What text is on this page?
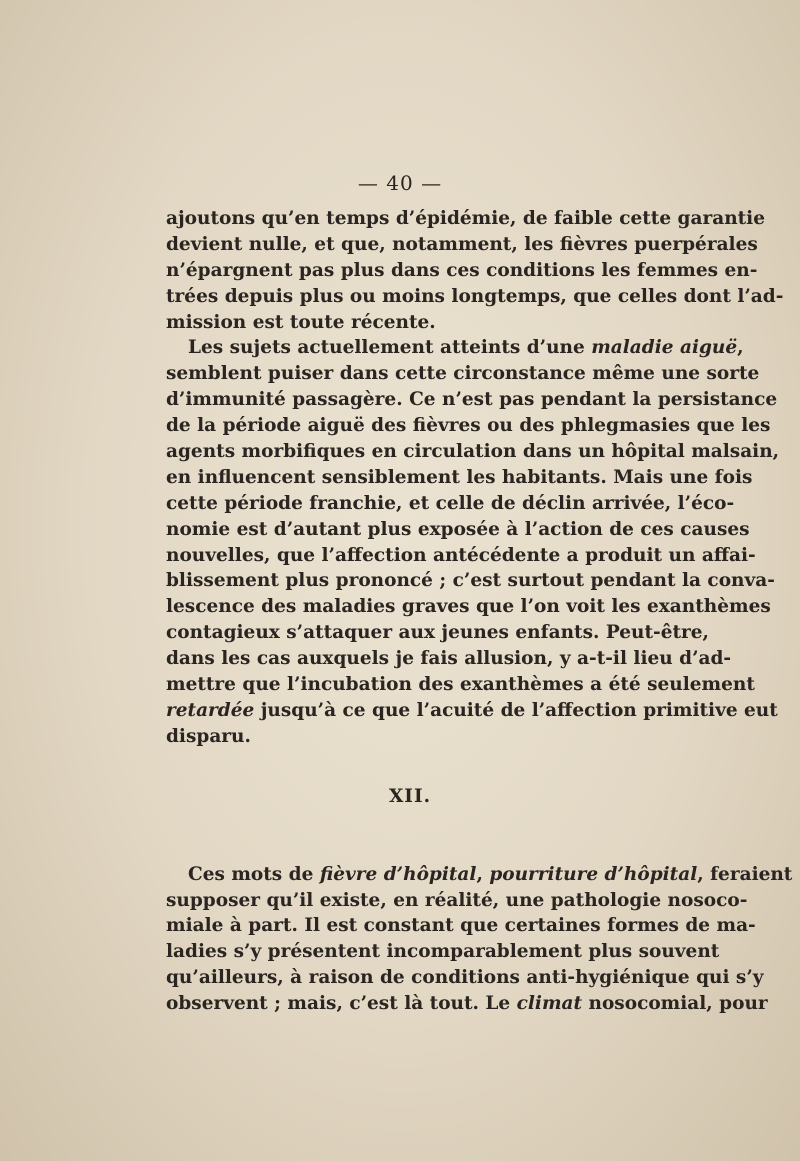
— 40 —
ajoutons qu’en temps d’épidémie, de faible cette garantie
devient nulle, et que, notamment, les fièvres puerpérales
n’épargnent pas plus dans ces conditions les femmes en-
trées depuis plus ou moins longtemps, que celles dont l’ad-
mission est toute récente.
Les sujets actuellement atteints d’une maladie aiguë,
semblent puiser dans cette circonstance même une sorte
d’immunité passagère. Ce n’est pas pendant la persistance
de la période aiguë des fièvres ou des phlegmasies que les
agents morbifiques en circulation dans un hôpital malsain,
en influencent sensiblement les habitants. Mais une fois
cette période franchie, et celle de déclin arrivée, l’éco-
nomie est d’autant plus exposée à l’action de ces causes
nouvelles, que l’affection antécédente a produit un affai-
blissement plus prononcé ; c’est surtout pendant la conva-
lescence des maladies graves que l’on voit les exanthèmes
contagieux s’attaquer aux jeunes enfants. Peut-être,
dans les cas auxquels je fais allusion, y a-t-il lieu d’ad-
mettre que l’incubation des exanthèmes a été seulement
retardée jusqu’à ce que l’acuité de l’affection primitive eut
disparu.
XII.
Ces mots de fièvre d’hôpital, pourriture d’hôpital, feraient
supposer qu’il existe, en réalité, une pathologie nosoco-
miale à part. Il est constant que certaines formes de ma-
ladies s’y présentent incomparablement plus souvent
qu’ailleurs, à raison de conditions anti-hygiénique qui s’y
observent ; mais, c’est là tout. Le climat nosocomial, pour
